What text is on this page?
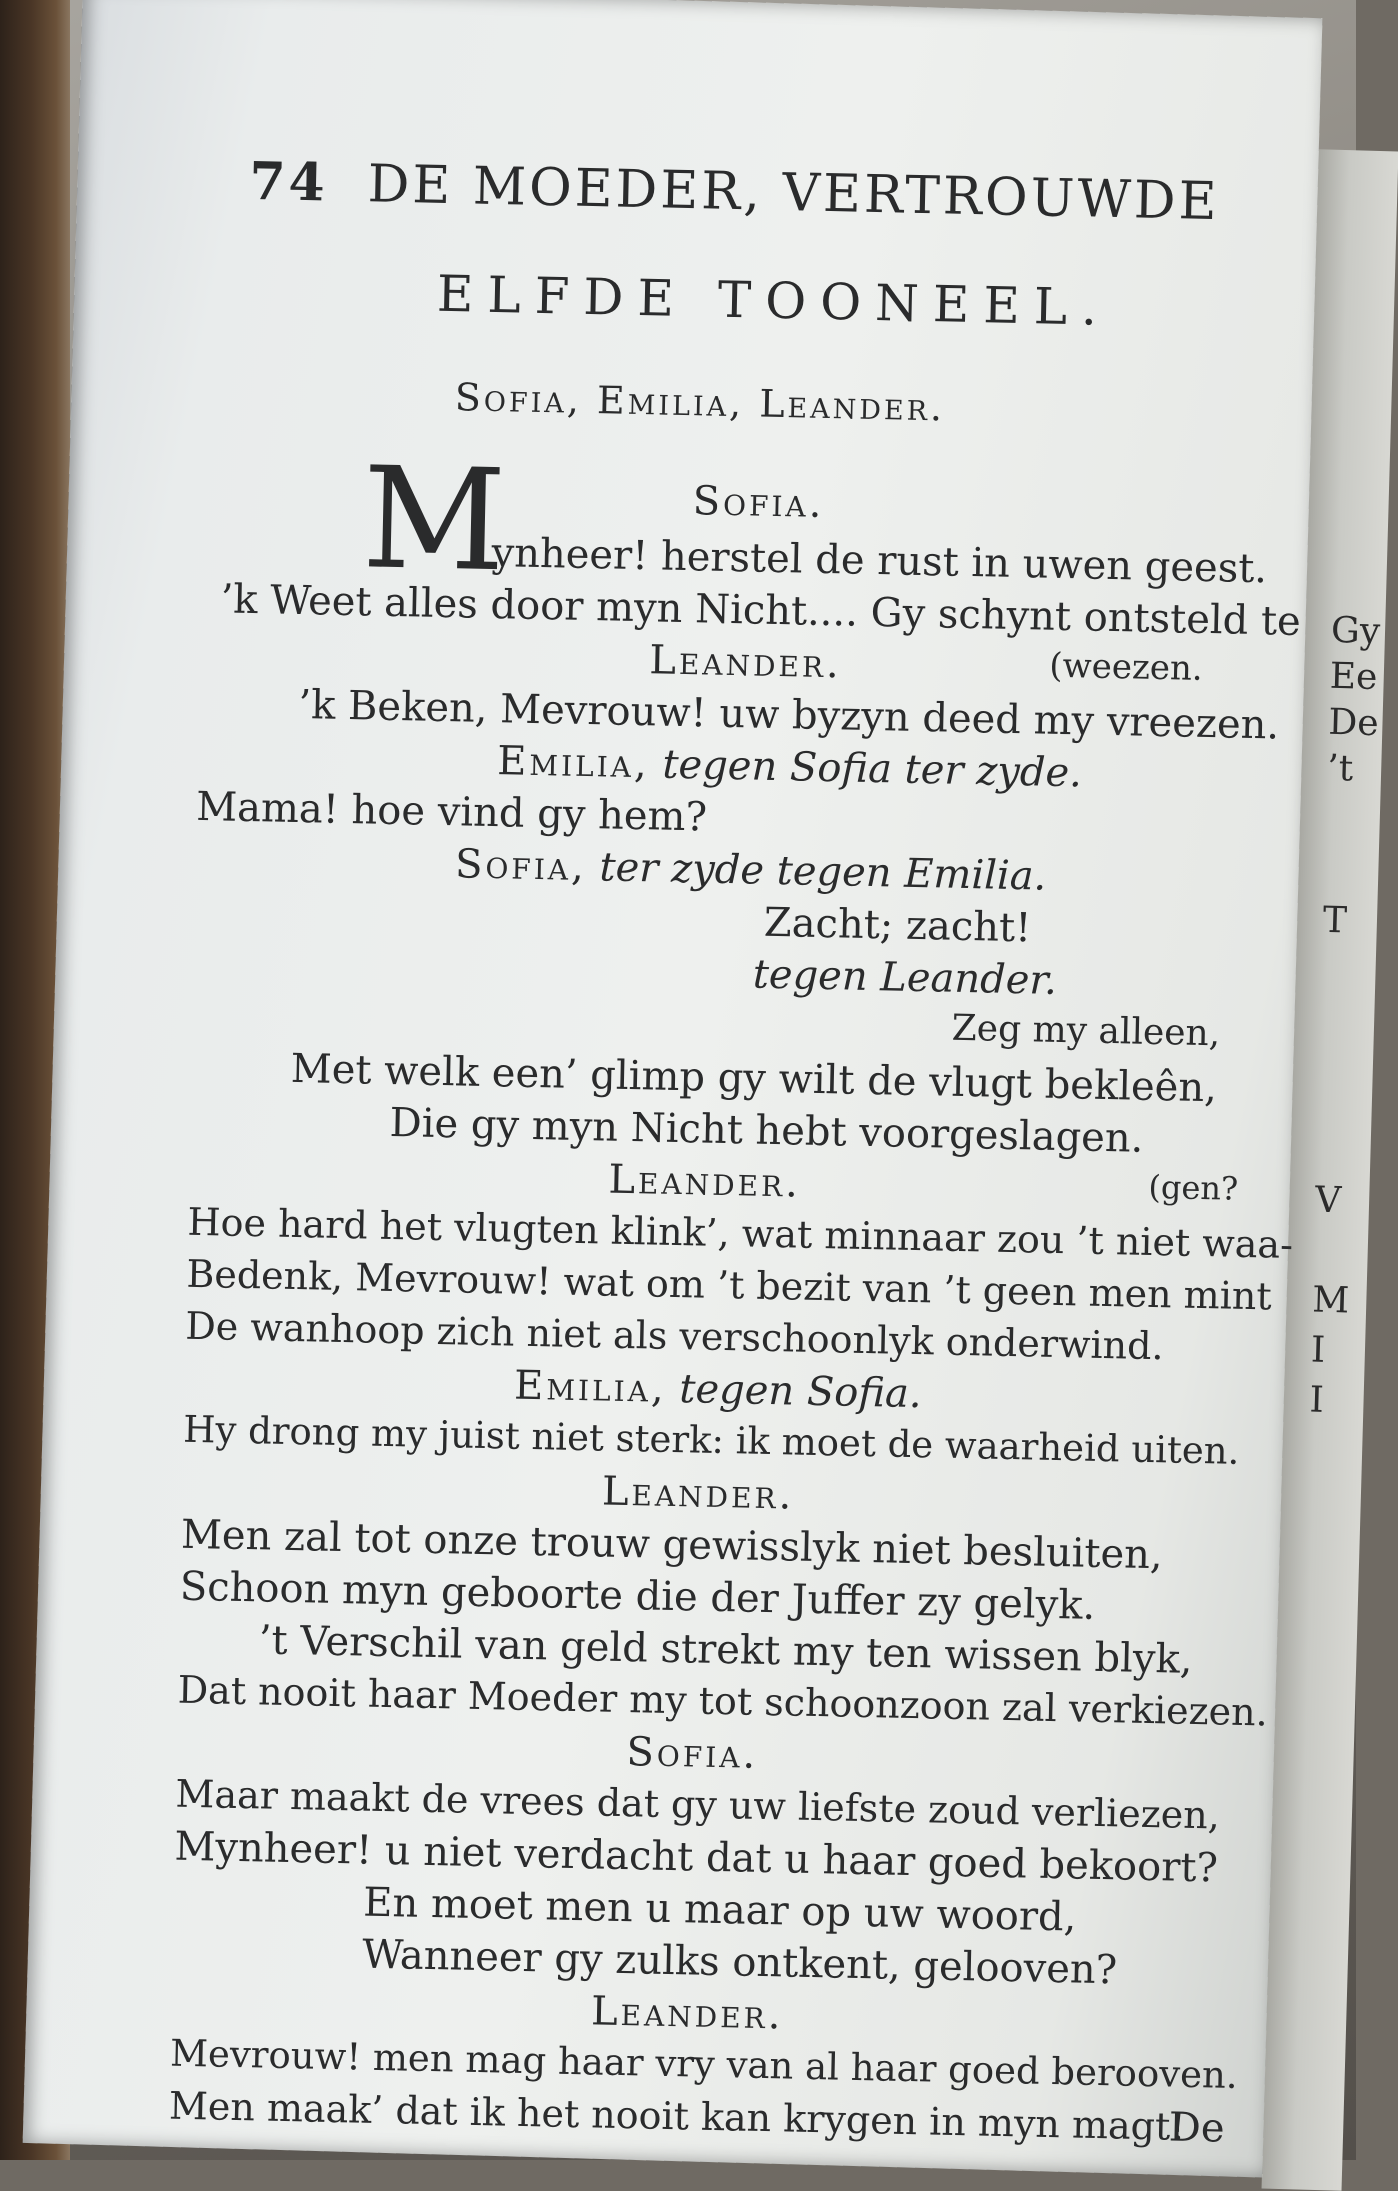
Gy
Ee
De
’t
T
V
M
I
I
74 DE MOEDER, VERTROUWDE
ELFDE TOONEEL.
Sofia, Emilia, Leander.
M	Sofia.
ynheer! herstel de rust in uwen geest.
’k Weet alles door myn Nicht.... Gy schynt ontsteld te
Leander.	(weezen.
’k Beken, Mevrouw! uw byzyn deed my vreezen.
Emilia, tegen Sofia ter zyde.
Mama! hoe vind gy hem?
Sofia, ter zyde tegen Emilia.
Zacht; zacht!
tegen Leander.
Zeg my alleen,
Met welk een’ glimp gy wilt de vlugt bekleên,
Die gy myn Nicht hebt voorgeslagen.
Leander.	(gen?
Hoe hard het vlugten klink’, wat minnaar zou ’t niet waa-
Bedenk, Mevrouw! wat om ’t bezit van ’t geen men mint
De wanhoop zich niet als verschoonlyk onderwind.
Emilia, tegen Sofia.
Hy drong my juist niet sterk: ik moet de waarheid uiten.
Leander.
Men zal tot onze trouw gewisslyk niet besluiten,
Schoon myn geboorte die der Juffer zy gelyk.
’t Verschil van geld strekt my ten wissen blyk,
Dat nooit haar Moeder my tot schoonzoon zal verkiezen.
Sofia.
Maar maakt de vrees dat gy uw liefste zoud verliezen,
Mynheer! u niet verdacht dat u haar goed bekoort?
En moet men u maar op uw woord,
Wanneer gy zulks ontkent, gelooven?
Leander.
Mevrouw! men mag haar vry van al haar goed berooven.
Men maak’ dat ik het nooit kan krygen in myn magt!
De
